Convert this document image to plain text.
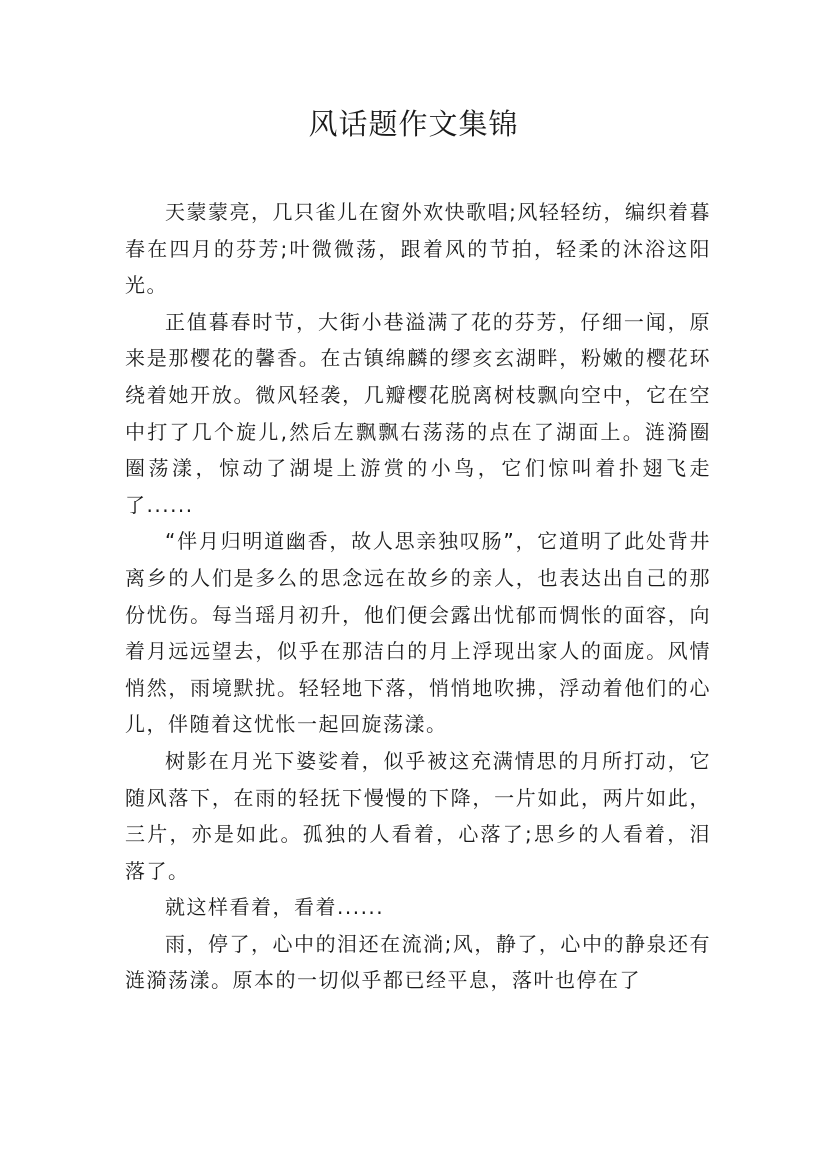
风话题作文集锦

天蒙蒙亮，几只雀儿在窗外欢快歌唱;风轻轻纺，编织着暮春在四月的芬芳;叶微微荡，跟着风的节拍，轻柔的沐浴这阳光。

正值暮春时节，大街小巷溢满了花的芬芳，仔细一闻，原来是那樱花的馨香。在古镇绵麟的缪亥玄湖畔，粉嫩的樱花环绕着她开放。微风轻袭，几瓣樱花脱离树枝飘向空中，它在空中打了几个旋儿,然后左飘飘右荡荡的点在了湖面上。涟漪圈圈荡漾，惊动了湖堤上游赏的小鸟，它们惊叫着扑翅飞走了......

“伴月归明道幽香，故人思亲独叹肠”，它道明了此处背井离乡的人们是多么的思念远在故乡的亲人，也表达出自己的那份忧伤。每当瑶月初升，他们便会露出忧郁而惆怅的面容，向着月远远望去，似乎在那洁白的月上浮现出家人的面庞。风情悄然，雨境默扰。轻轻地下落，悄悄地吹拂，浮动着他们的心儿，伴随着这忧怅一起回旋荡漾。

树影在月光下婆娑着，似乎被这充满情思的月所打动，它随风落下，在雨的轻抚下慢慢的下降，一片如此，两片如此，三片，亦是如此。孤独的人看着，心落了;思乡的人看着，泪落了。

就这样看着，看着......

雨，停了，心中的泪还在流淌;风，静了，心中的静泉还有涟漪荡漾。原本的一切似乎都已经平息，落叶也停在了
